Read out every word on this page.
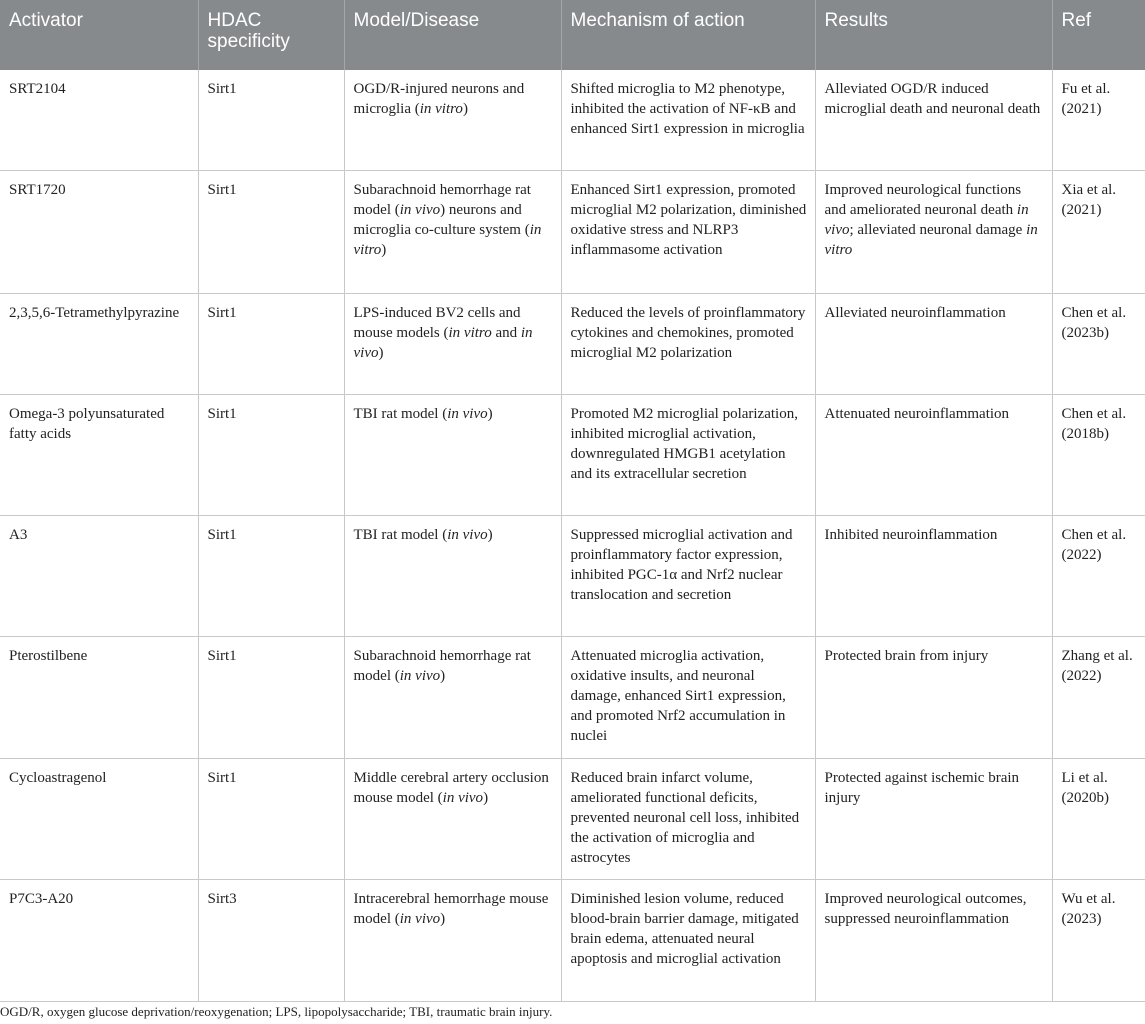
Activator	HDAC specificity	Model/Disease	Mechanism of action	Results	Ref
SRT2104	Sirt1	OGD/R-injured neurons and microglia (in vitro)	Shifted microglia to M2 phenotype, inhibited the activation of NF-κB and enhanced Sirt1 expression in microglia	Alleviated OGD/R induced microglial death and neuronal death	Fu et al. (2021)
SRT1720	Sirt1	Subarachnoid hemorrhage rat model (in vivo) neurons and microglia co-culture system (in vitro)	Enhanced Sirt1 expression, promoted microglial M2 polarization, diminished oxidative stress and NLRP3 inflammasome activation	Improved neurological functions and ameliorated neuronal death in vivo; alleviated neuronal damage in vitro	Xia et al. (2021)
2,3,5,6-Tetramethylpyrazine	Sirt1	LPS-induced BV2 cells and mouse models (in vitro and in vivo)	Reduced the levels of proinflammatory cytokines and chemokines, promoted microglial M2 polarization	Alleviated neuroinflammation	Chen et al. (2023b)
Omega-3 polyunsaturated fatty acids	Sirt1	TBI rat model (in vivo)	Promoted M2 microglial polarization, inhibited microglial activation, downregulated HMGB1 acetylation and its extracellular secretion	Attenuated neuroinflammation	Chen et al. (2018b)
A3	Sirt1	TBI rat model (in vivo)	Suppressed microglial activation and proinflammatory factor expression, inhibited PGC-1α and Nrf2 nuclear translocation and secretion	Inhibited neuroinflammation	Chen et al. (2022)
Pterostilbene	Sirt1	Subarachnoid hemorrhage rat model (in vivo)	Attenuated microglia activation, oxidative insults, and neuronal damage, enhanced Sirt1 expression, and promoted Nrf2 accumulation in nuclei	Protected brain from injury	Zhang et al. (2022)
Cycloastragenol	Sirt1	Middle cerebral artery occlusion mouse model (in vivo)	Reduced brain infarct volume, ameliorated functional deficits, prevented neuronal cell loss, inhibited the activation of microglia and astrocytes	Protected against ischemic brain injury	Li et al. (2020b)
P7C3-A20	Sirt3	Intracerebral hemorrhage mouse model (in vivo)	Diminished lesion volume, reduced blood-brain barrier damage, mitigated brain edema, attenuated neural apoptosis and microglial activation	Improved neurological outcomes, suppressed neuroinflammation	Wu et al. (2023)
OGD/R, oxygen glucose deprivation/reoxygenation; LPS, lipopolysaccharide; TBI, traumatic brain injury.
